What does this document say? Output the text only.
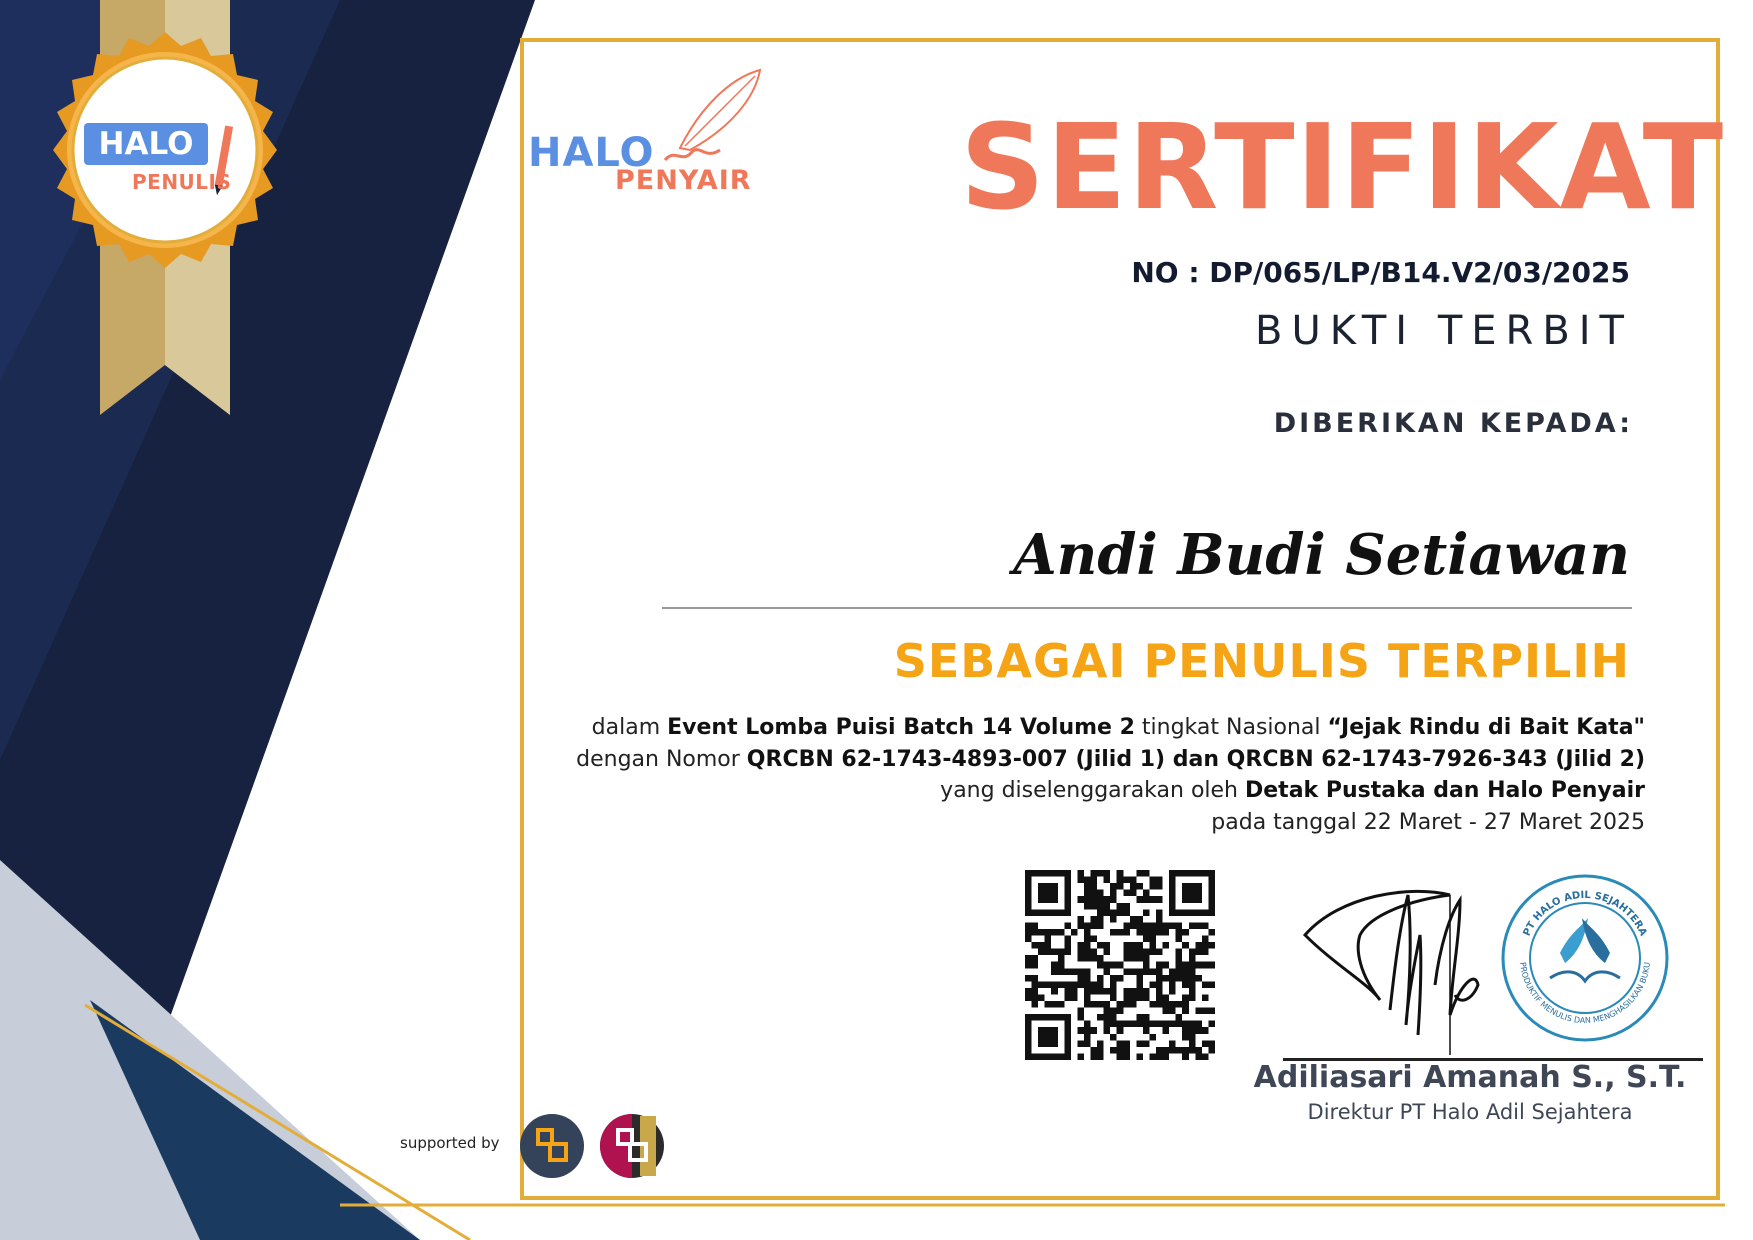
HALO
PENULIS
HALO
PENYAIR SERTIFIKAT
NO : DP/065/LP/B14.V2/03/2025
BUKTI TERBIT
DIBERIKAN KEPADA:
Andi Budi Setiawan
SEBAGAI PENULIS TERPILIH
dalam Event Lomba Puisi Batch 14 Volume 2 tingkat Nasional “Jejak Rindu di Bait Kata"
dengan Nomor QRCBN 62-1743-4893-007 (Jilid 1) dan QRCBN 62-1743-7926-343 (Jilid 2)
yang diselenggarakan oleh Detak Pustaka dan Halo Penyair
pada tanggal 22 Maret - 27 Maret 2025
PT HALO ADIL SEJAHTERA
PRODUKTIF MENULIS DAN MENGHASILKAN BUKU
Adiliasari Amanah S., S.T.
Direktur PT Halo Adil Sejahtera
supported by
